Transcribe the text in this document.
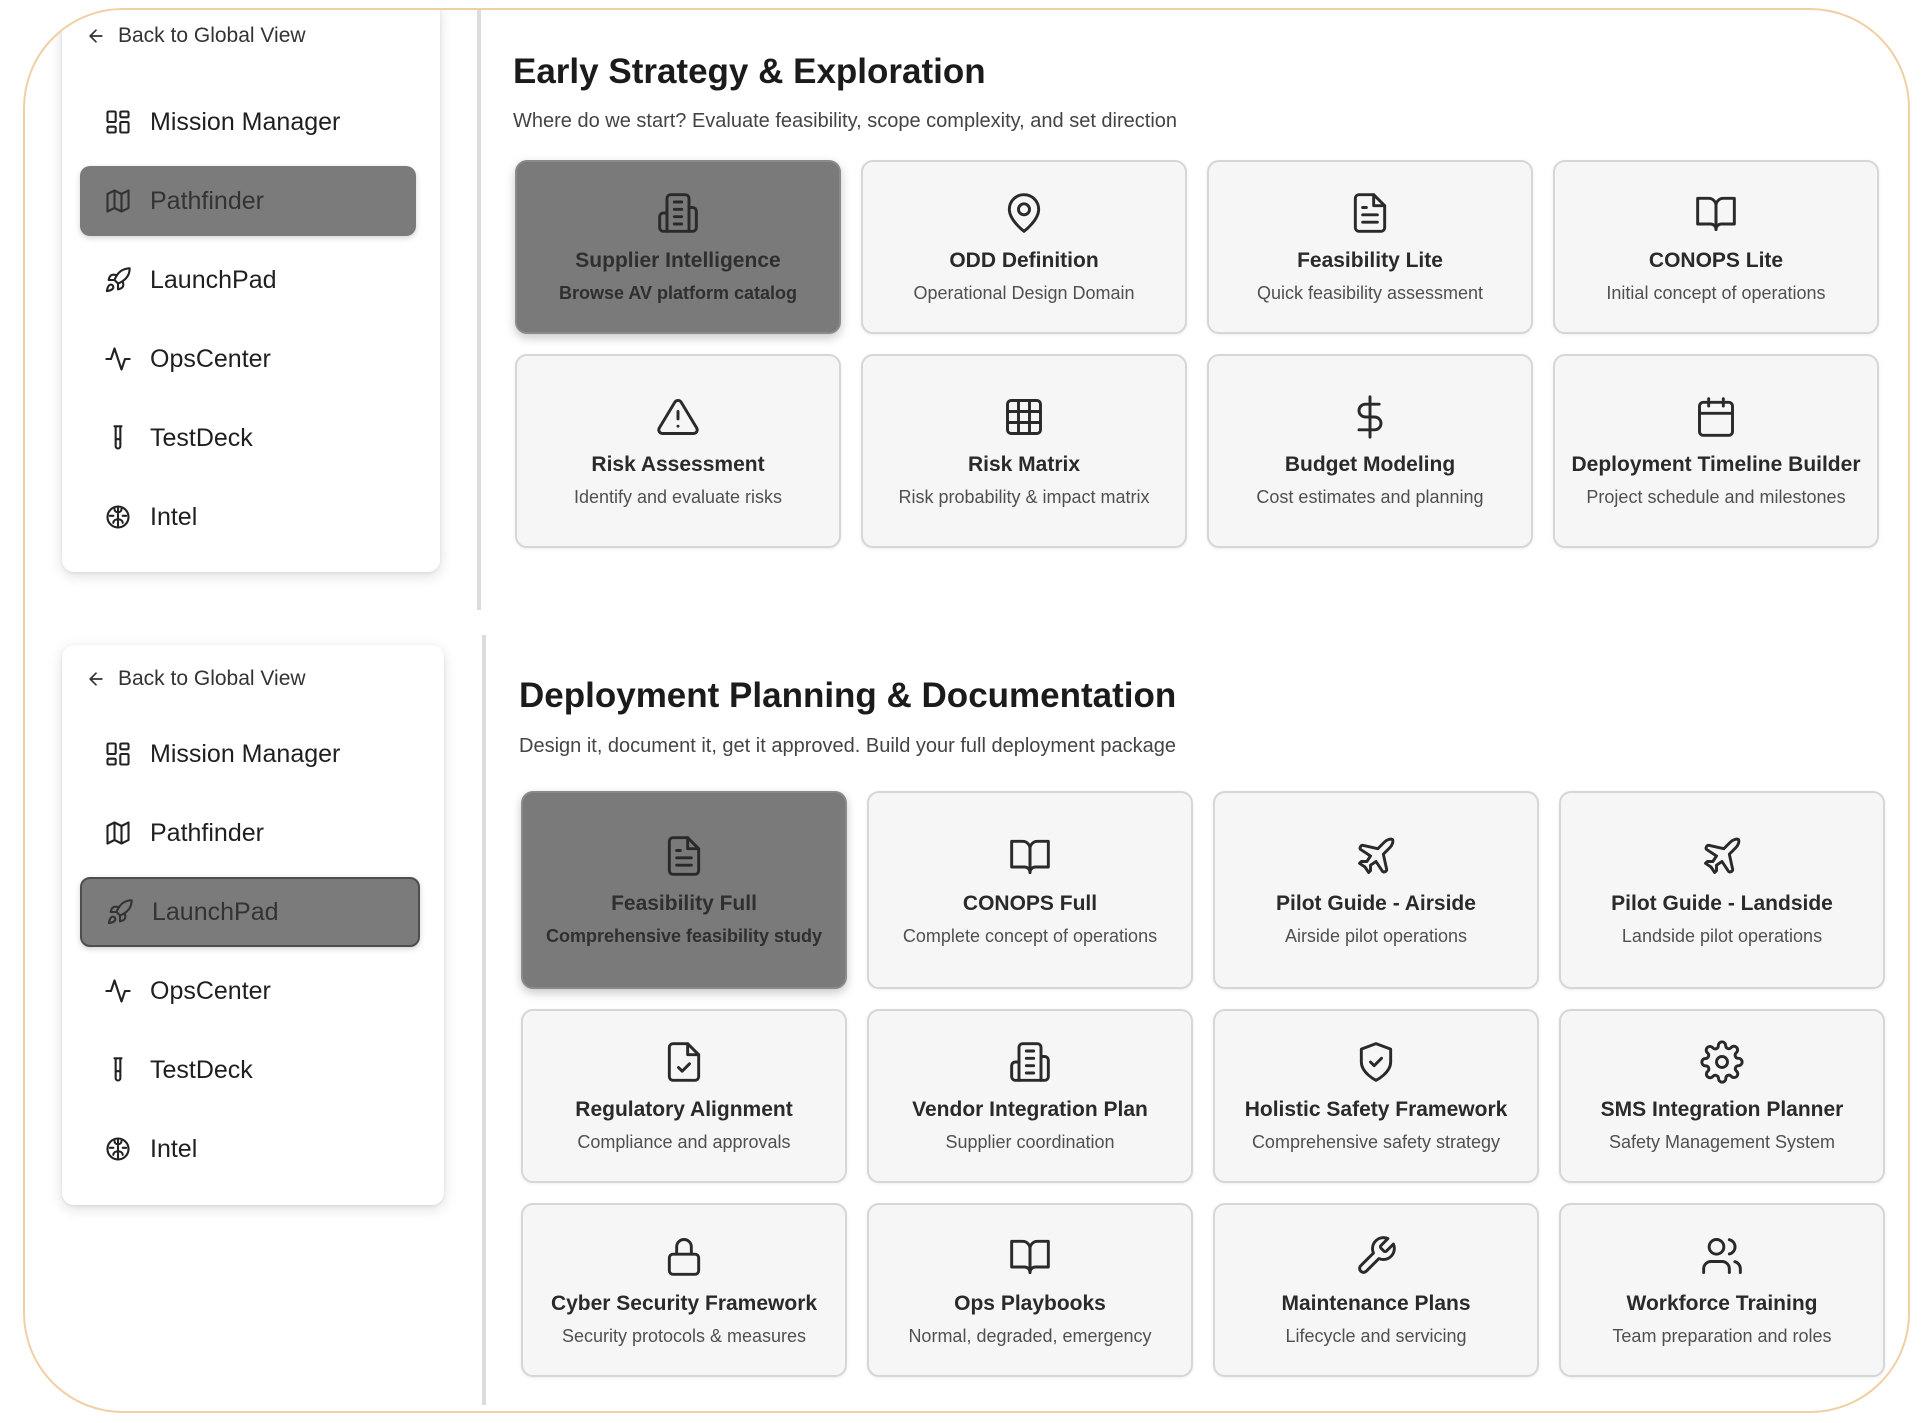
Back to Global View
Mission Manager
Pathfinder
LaunchPad
OpsCenter
TestDeck
Intel
Early Strategy & Exploration
Where do we start? Evaluate feasibility, scope complexity, and set direction
Supplier Intelligence
Browse AV platform catalog
ODD Definition
Operational Design Domain
Feasibility Lite
Quick feasibility assessment
CONOPS Lite
Initial concept of operations
Risk Assessment
Identify and evaluate risks
Risk Matrix
Risk probability & impact matrix
Budget Modeling
Cost estimates and planning
Deployment Timeline Builder
Project schedule and milestones
Back to Global View
Mission Manager
Pathfinder
LaunchPad
OpsCenter
TestDeck
Intel
Deployment Planning & Documentation
Design it, document it, get it approved. Build your full deployment package
Feasibility Full
Comprehensive feasibility study
CONOPS Full
Complete concept of operations
Pilot Guide - Airside
Airside pilot operations
Pilot Guide - Landside
Landside pilot operations
Regulatory Alignment
Compliance and approvals
Vendor Integration Plan
Supplier coordination
Holistic Safety Framework
Comprehensive safety strategy
SMS Integration Planner
Safety Management System
Cyber Security Framework
Security protocols & measures
Ops Playbooks
Normal, degraded, emergency
Maintenance Plans
Lifecycle and servicing
Workforce Training
Team preparation and roles
